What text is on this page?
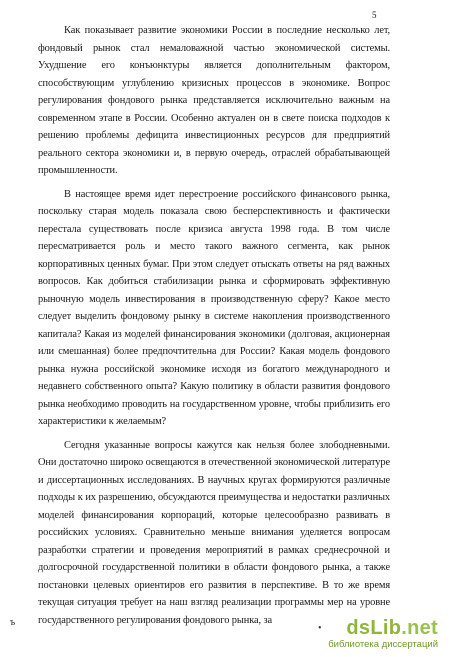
5

Как показывает развитие экономики России в последние несколько лет, фондовый рынок стал немаловажной частью экономической системы. Ухудшение его конъюнктуры является дополнительным фактором, способствующим углублению кризисных процессов в экономике. Вопрос регулирования фондового рынка представляется исключительно важным на современном этапе в России. Особенно актуален он в свете поиска подходов к решению проблемы дефицита инвестиционных ресурсов для предприятий реального сектора экономики и, в первую очередь, отраслей обрабатывающей промышленности.

В настоящее время идет перестроение российского финансового рынка, поскольку старая модель показала свою бесперспективность и фактически перестала существовать после кризиса августа 1998 года. В том числе пересматривается роль и место такого важного сегмента, как рынок корпоративных ценных бумаг. При этом следует отыскать ответы на ряд важных вопросов. Как добиться стабилизации рынка и сформировать эффективную рыночную модель инвестирования в производственную сферу? Какое место следует выделить фондовому рынку в системе накопления производственного капитала? Какая из моделей финансирования экономики (долговая, акционерная или смешанная) более предпочтительна для России? Какая модель фондового рынка нужна российской экономике исходя из богатого международного и недавнего собственного опыта? Какую политику в области развития фондового рынка необходимо проводить на государственном уровне, чтобы приблизить его характеристики к желаемым?

Сегодня указанные вопросы кажутся как нельзя более злободневными. Они достаточно широко освещаются в отечественной экономической литературе и диссертационных исследованиях. В научных кругах формируются различные подходы к их разрешению, обсуждаются преимущества и недостатки различных моделей финансирования корпораций, которые целесообразно развивать в российских условиях. Сравнительно меньше внимания уделяется вопросам разработки стратегии и проведения мероприятий в рамках среднесрочной и долгосрочной государственной политики в области фондового рынка, а также постановки целевых ориентиров его развития в перспективе. В то же время текущая ситуация требует на наш взгляд реализации программы мер на уровне государственного регулирования фондового рынка, за

ъ
•	dsLib.net
библиотека диссертаций
